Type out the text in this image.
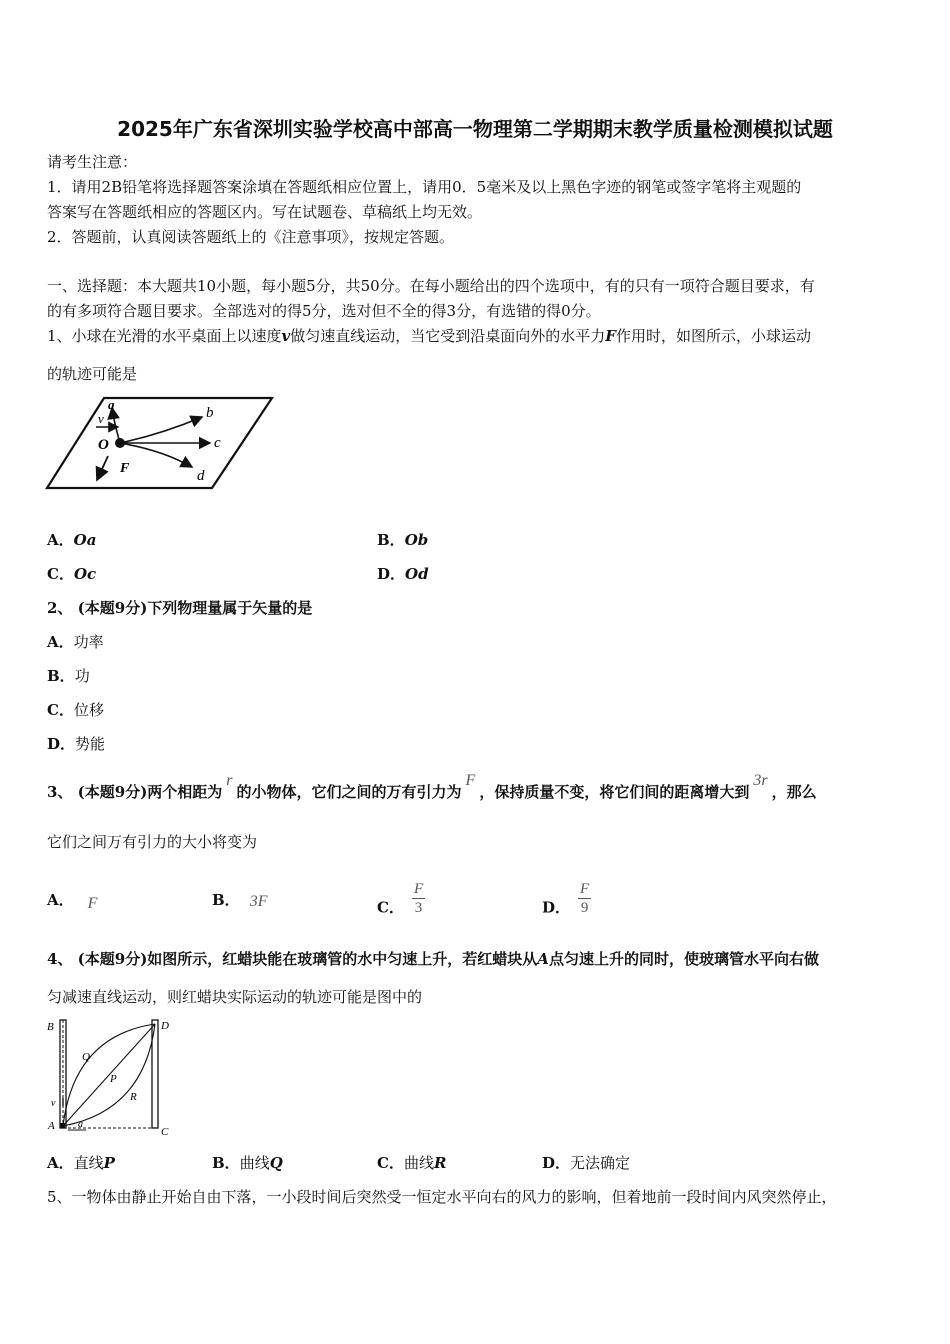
2025年广东省深圳实验学校高中部高一物理第二学期期末教学质量检测模拟试题
请考生注意：
1．请用2B铅笔将选择题答案涂填在答题纸相应位置上，请用0．5毫米及以上黑色字迹的钢笔或签字笔将主观题的
答案写在答题纸相应的答题区内。写在试题卷、草稿纸上均无效。
2．答题前，认真阅读答题纸上的《注意事项》，按规定答题。
一、选择题：本大题共10小题，每小题5分，共50分。在每小题给出的四个选项中，有的只有一项符合题目要求，有
的有多项符合题目要求。全部选对的得5分，选对但不全的得3分，有选错的得0分。
1、小球在光滑的水平桌面上以速度v做匀速直线运动，当它受到沿桌面向外的水平力F作用时，如图所示，小球运动
的轨迹可能是
a
b
c
d
O
v
F
A．Oa	B．Ob
C．Oc	D．Od
2、 (本题9分)下列物理量属于矢量的是
A．功率
B．功
C．位移
D．势能
3、 (本题9分)两个相距为r的小物体，它们之间的万有引力为F，保持质量不变，将它们间的距离增大到3r，那么
它们之间万有引力的大小将变为
A． F	B． 3F	C． $\frac{F}{3}$	D． $\frac{F}{9}$
4、 (本题9分)如图所示，红蜡块能在玻璃管的水中匀速上升，若红蜡块从A点匀速上升的同时，使玻璃管水平向右做
匀减速直线运动，则红蜡块实际运动的轨迹可能是图中的
B	D
Q
P
R
v
A a
C
A．直线P	B．曲线Q	C．曲线R	D．无法确定
5、一物体由静止开始自由下落，一小段时间后突然受一恒定水平向右的风力的影响，但着地前一段时间内风突然停止，
